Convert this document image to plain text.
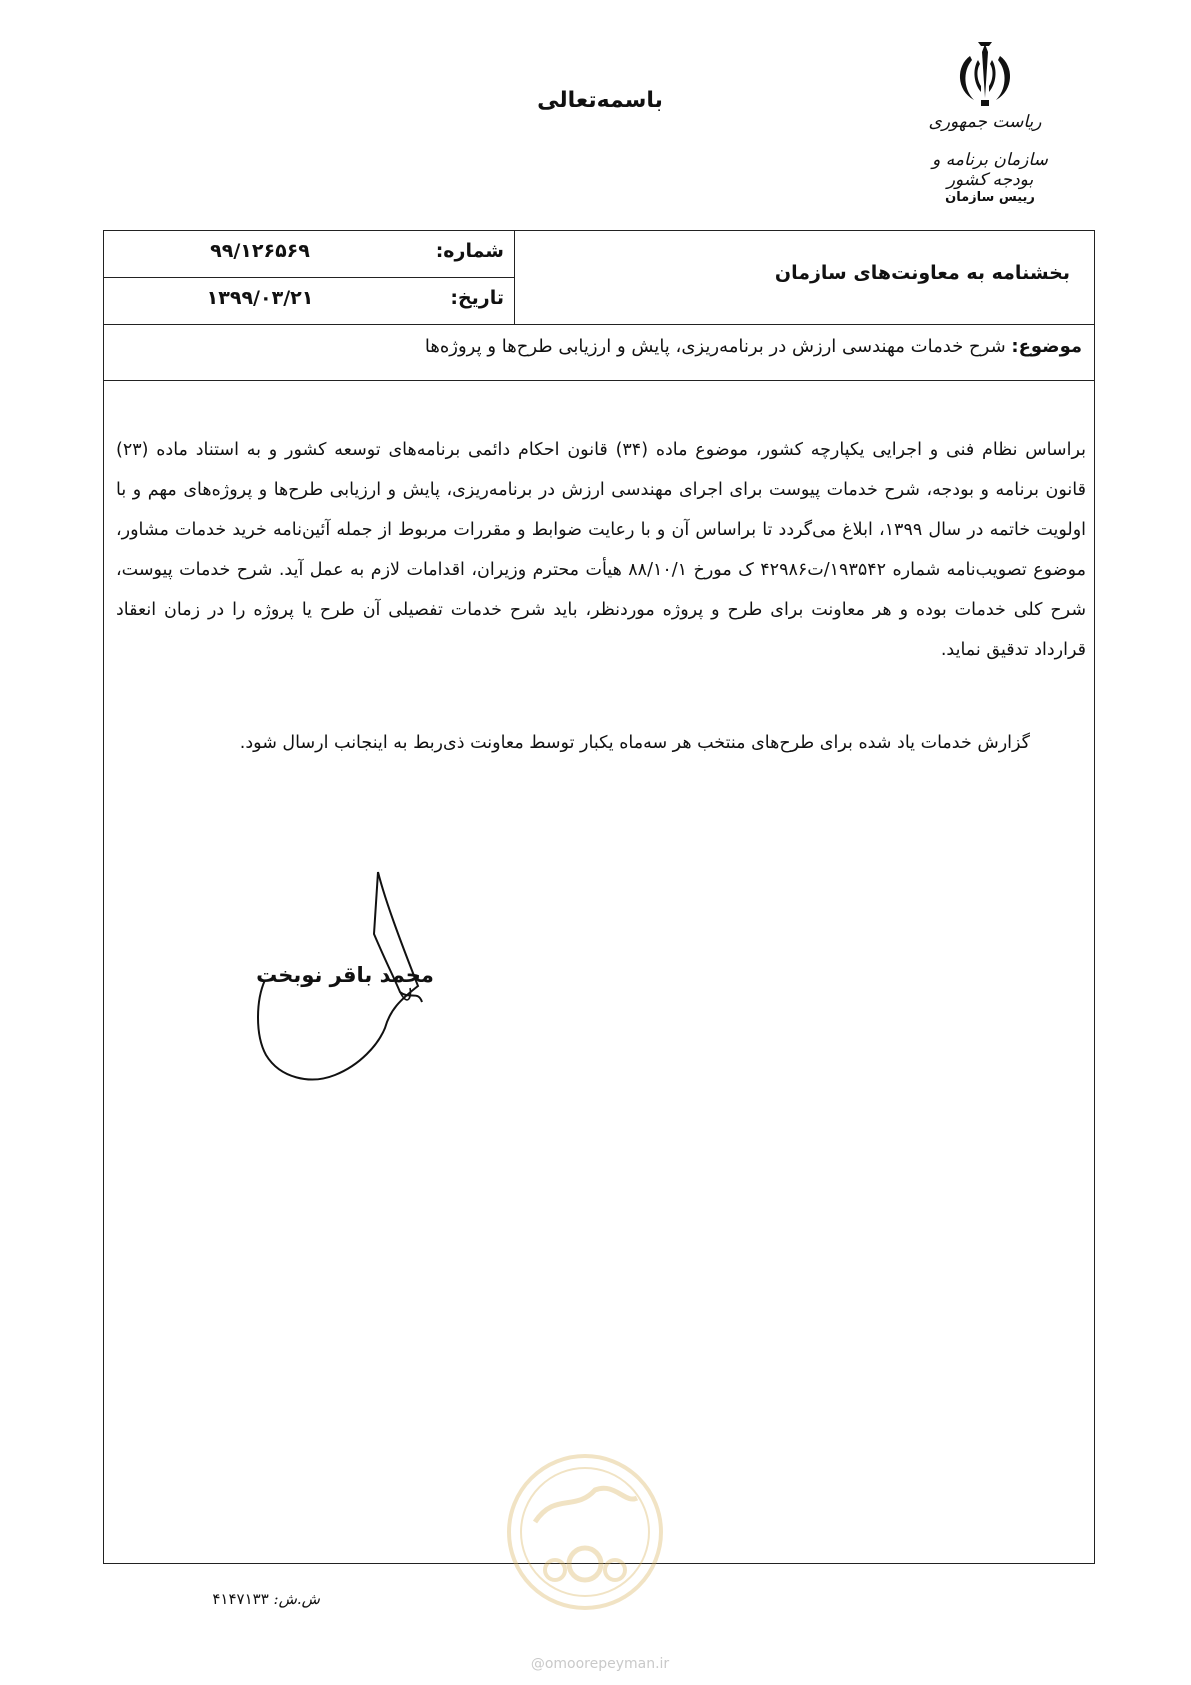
باسمه‌تعالی
ریاست جمهوری
سازمان برنامه و بودجه کشور
رییس سازمان
شماره:
۹۹/۱۲۶۵۶۹
تاریخ:
۱۳۹۹/۰۳/۲۱
بخشنامه به معاونت‌های سازمان
موضوع: شرح خدمات مهندسی ارزش در برنامه‌ریزی، پایش و ارزیابی طرح‌ها و پروژه‌ها
براساس نظام فنی و اجرایی یکپارچه کشور، موضوع ماده (۳۴) قانون احکام دائمی برنامه‌های توسعه کشور و به استناد ماده (۲۳) قانون برنامه و بودجه، شرح خدمات پیوست برای اجرای مهندسی ارزش در برنامه‌ریزی، پایش و ارزیابی طرح‌ها و پروژه‌های مهم و با اولویت خاتمه در سال ۱۳۹۹، ابلاغ می‌گردد تا براساس آن و با رعایت ضوابط و مقررات مربوط از جمله آئین‌نامه خرید خدمات مشاور، موضوع تصویب‌نامه شماره ۱۹۳۵۴۲/ت۴۲۹۸۶ ک مورخ ۸۸/۱۰/۱ هیأت محترم وزیران، اقدامات لازم به عمل آید. شرح خدمات پیوست، شرح کلی خدمات بوده و هر معاونت برای طرح و پروژه موردنظر، باید شرح خدمات تفصیلی آن طرح یا پروژه را در زمان انعقاد قرارداد تدقیق نماید.
گزارش خدمات یاد شده برای طرح‌های منتخب هر سه‌ماه یکبار توسط معاونت ذی‌ربط به اینجانب ارسال شود.
محمد باقر نوبخت
ش.ش: ۴۱۴۷۱۳۳
@omoorepeyman.ir
